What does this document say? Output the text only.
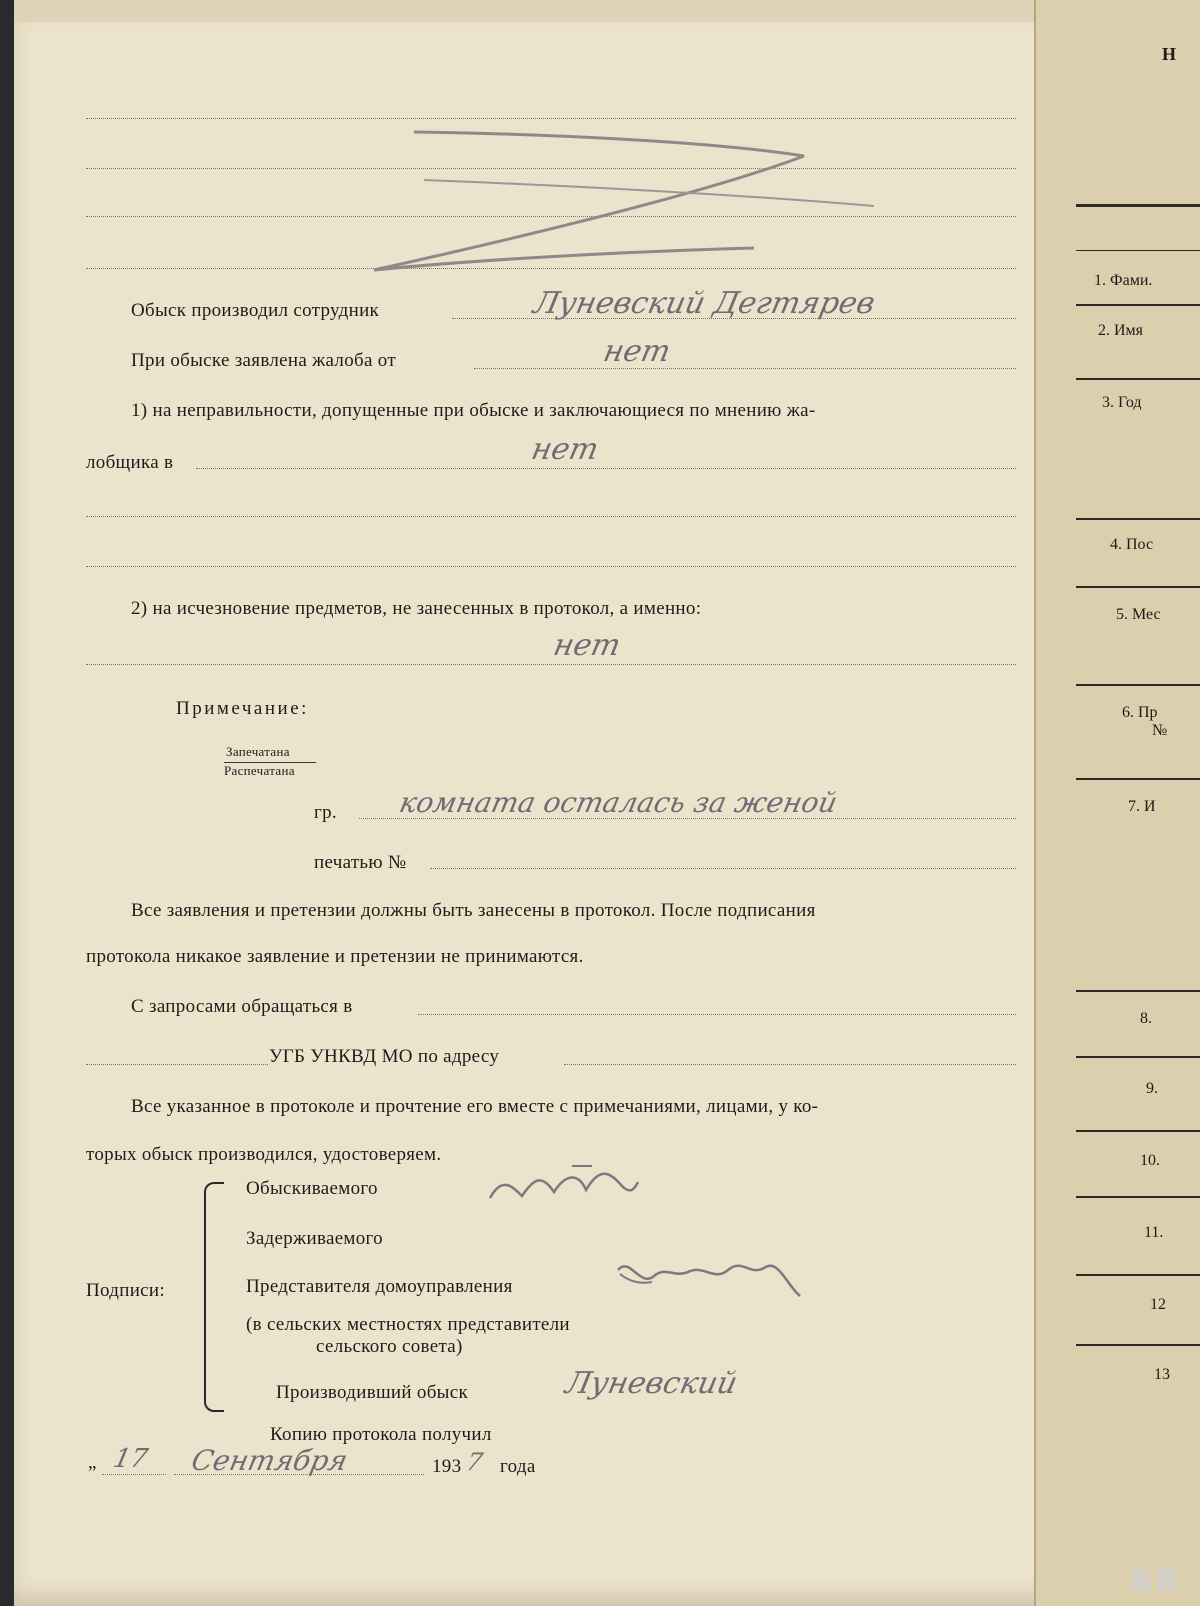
Обыск производил сотрудник	Луневский Дегтярев
При обыске заявлена жалоба от	нет
1) на неправильности, допущенные при обыске и заключающиеся по мнению жа-
лобщика в	нет
2) на исчезновение предметов, не занесенных в протокол, а именно:
нет
Примечание:
Запечатана
Распечатана
гр. комната осталась за женой
печатью №
Все заявления и претензии должны быть занесены в протокол. После подписания
протокола никакое заявление и претензии не принимаются.
С запросами обращаться в
УГБ УНКВД МО по адресу
Все указанное в протоколе и прочтение его вместе с примечаниями, лицами, у ко-
торых обыск производился, удостоверяем.
Подписи:
Обыскиваемого
Задерживаемого
Представителя домоуправления
(в сельских местностях представители
сельского совета)
Производивший обыск	Луневский
Копию протокола получил
„ 17 Сентября	193 7 года
Н
1. Фами.
2. Имя
3. Год
4. Пос
5. Мес
6. Пр
№
7. И
8.
9.
10.
11.
12
13
ББ
